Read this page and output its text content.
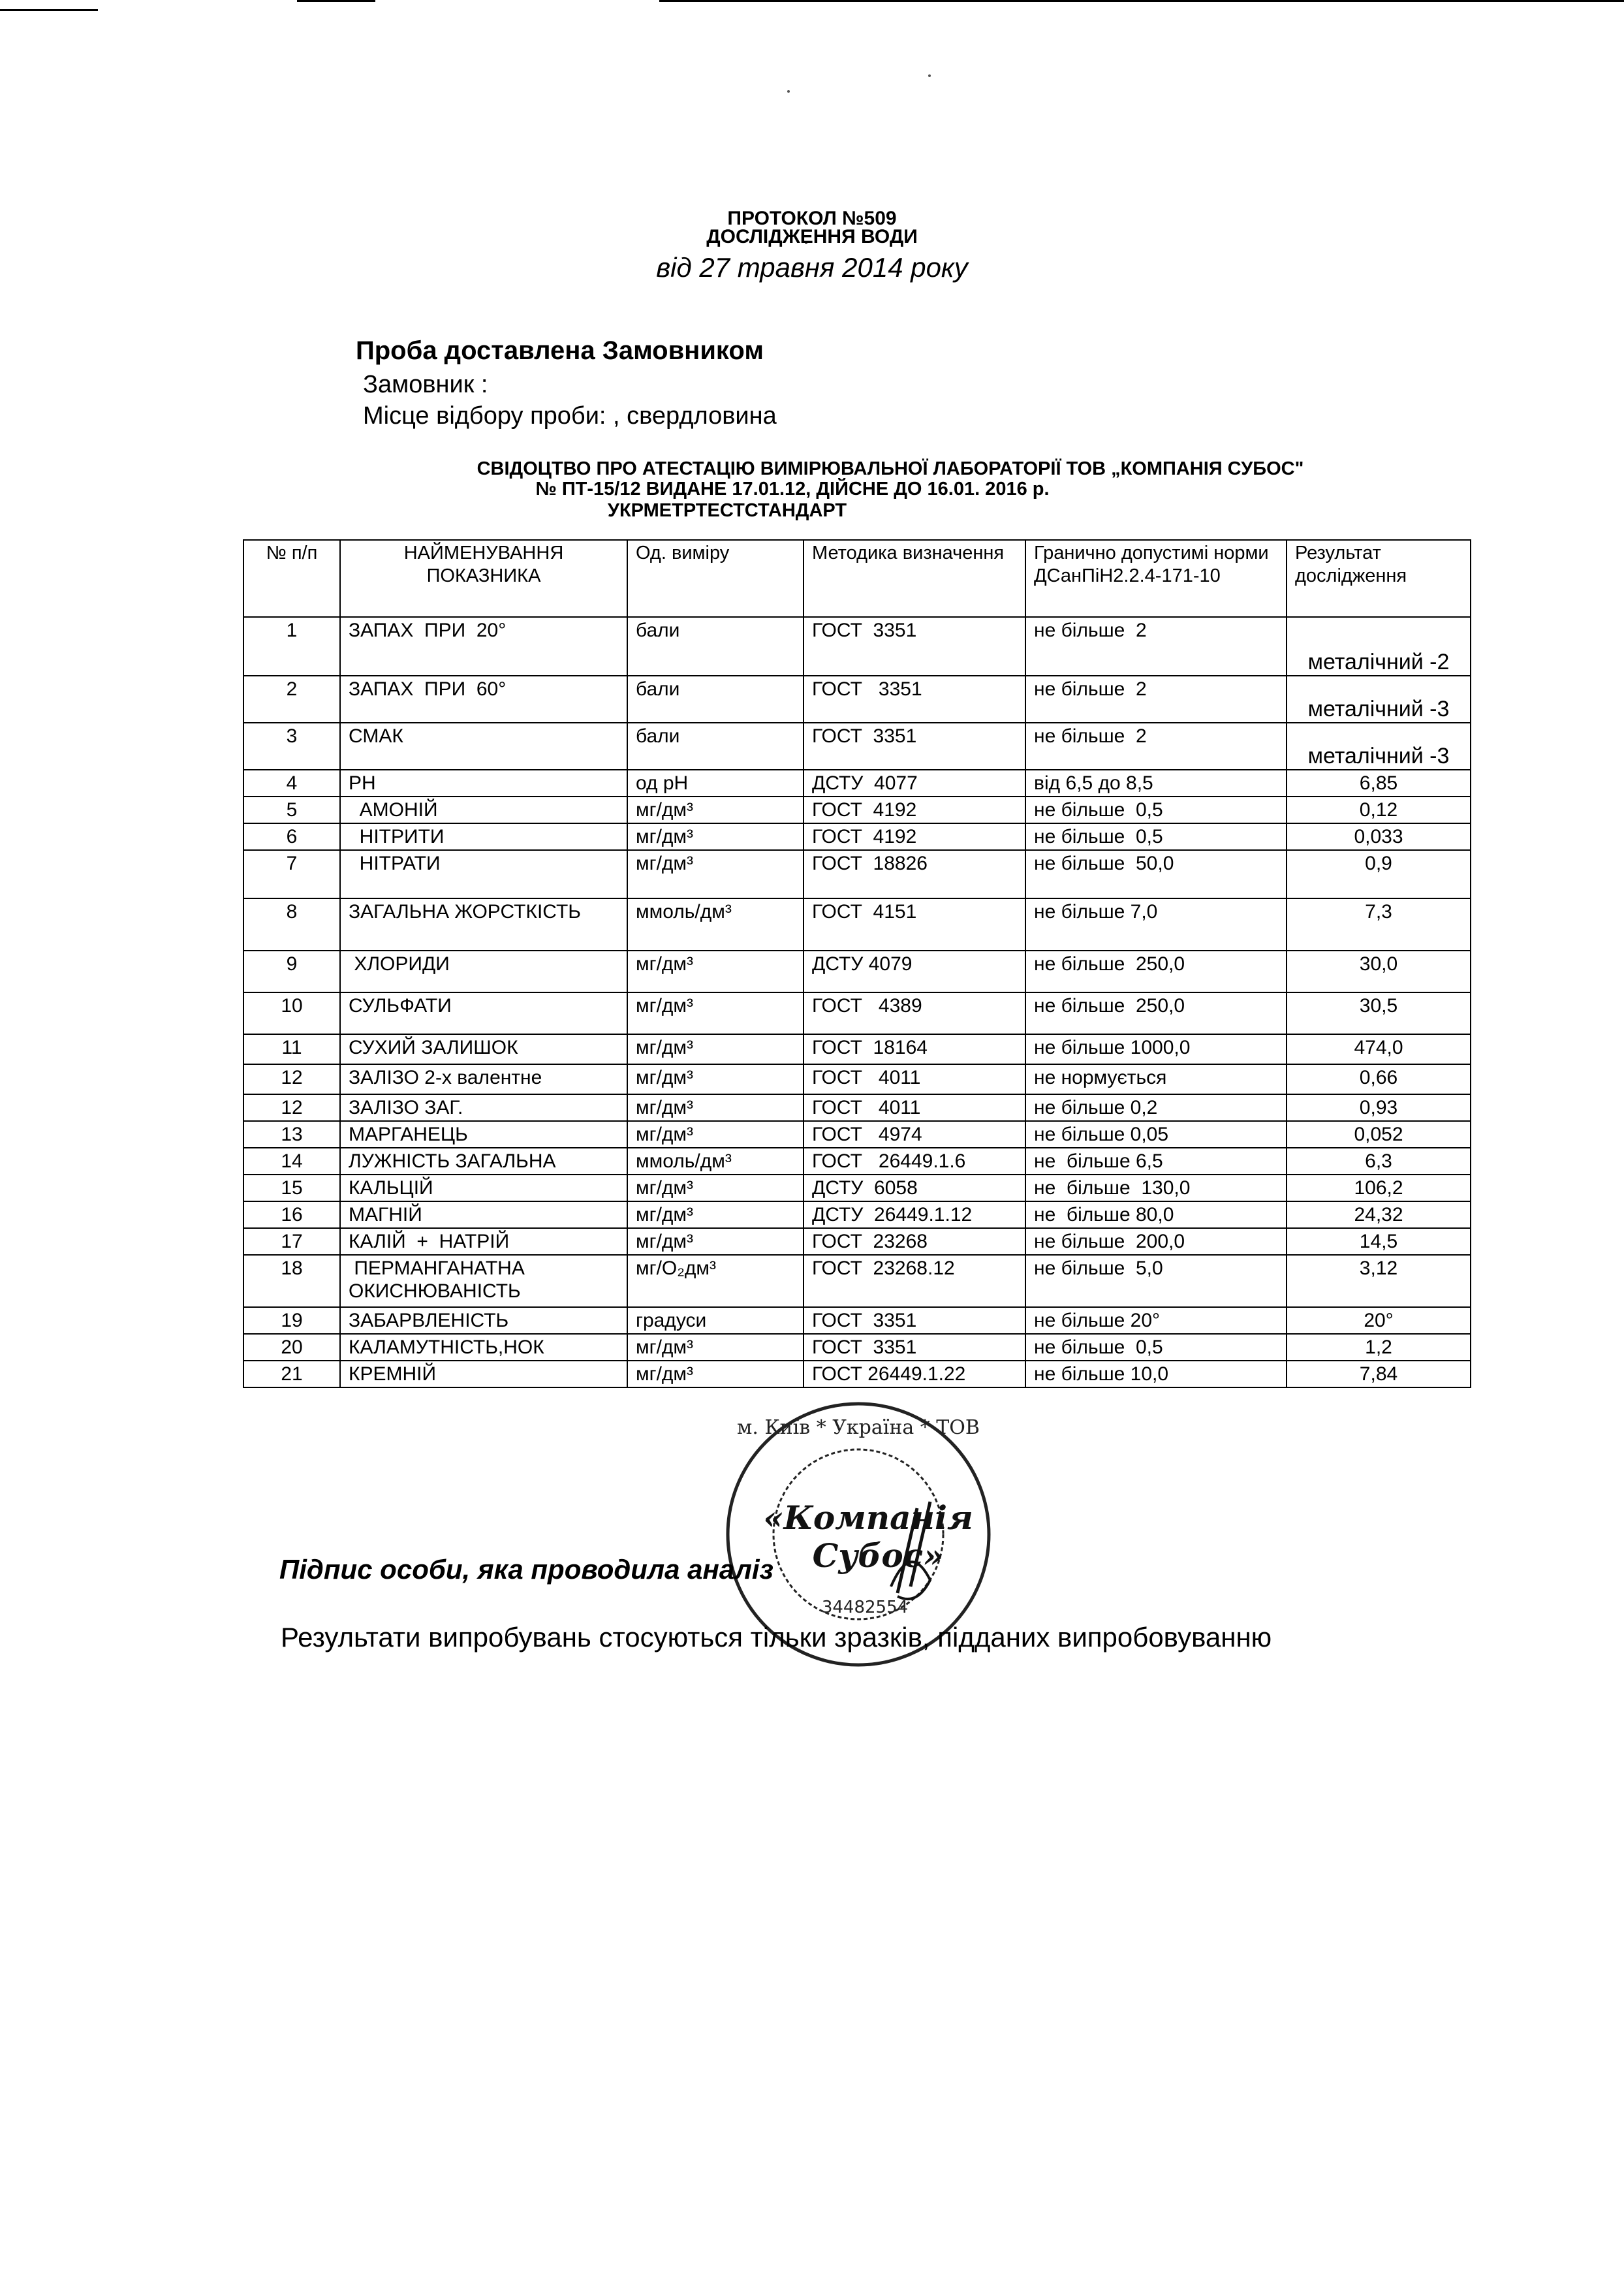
ПРОТОКОЛ №509
ДОСЛІДЖЕННЯ ВОДИ
від 27 травня 2014 року
Проба доставлена Замовником
Замовник :
Місце відбору проби: , свердловина
СВІДОЦТВО ПРО АТЕСТАЦІЮ ВИМІРЮВАЛЬНОЇ ЛАБОРАТОРІЇ ТОВ „КОМПАНІЯ СУБОС"
№ ПТ-15/12 ВИДАНЕ 17.01.12, ДІЙСНЕ ДО 16.01. 2016 р.
УКРМЕТРТЕСТСТАНДАРТ
№ п/п	НАЙМЕНУВАННЯ ПОКАЗНИКА	Од. виміру	Методика визначення	Гранично допустимі норми ДСанПіН2.2.4-171-10	Результат дослідження
1	ЗАПАХ  ПРИ  20°	бали	ГОСТ  3351	не більше  2	металічний -2
2	ЗАПАХ  ПРИ  60°	бали	ГОСТ   3351	не більше  2	металічний -3
3	СМАК	бали	ГОСТ  3351	не більше  2	металічний -3
4	PH	од pH	ДСТУ  4077	від 6,5 до 8,5	6,85
5	АМОНІЙ	мг/дм³	ГОСТ  4192	не більше  0,5	0,12
6	НІТРИТИ	мг/дм³	ГОСТ  4192	не більше  0,5	0,033
7	НІТРАТИ	мг/дм³	ГОСТ  18826	не більше  50,0	0,9
8	ЗАГАЛЬНА ЖОРСТКІСТЬ	ммоль/дм³	ГОСТ  4151	не більше 7,0	7,3
9	ХЛОРИДИ	мг/дм³	ДСТУ 4079	не більше  250,0	30,0
10	СУЛЬФАТИ	мг/дм³	ГОСТ   4389	не більше  250,0	30,5
11	СУХИЙ ЗАЛИШОК	мг/дм³	ГОСТ  18164	не більше 1000,0	474,0
12	ЗАЛІЗО 2-х валентне	мг/дм³	ГОСТ   4011	не нормується	0,66
12	ЗАЛІЗО ЗАГ.	мг/дм³	ГОСТ   4011	не більше 0,2	0,93
13	МАРГАНЕЦЬ	мг/дм³	ГОСТ   4974	не більше 0,05	0,052
14	ЛУЖНІСТЬ ЗАГАЛЬНА	ммоль/дм³	ГОСТ   26449.1.6	не  більше 6,5	6,3
15	КАЛЬЦІЙ	мг/дм³	ДСТУ  6058	не  більше  130,0	106,2
16	МАГНІЙ	мг/дм³	ДСТУ  26449.1.12	не  більше 80,0	24,32
17	КАЛІЙ  +  НАТРІЙ	мг/дм³	ГОСТ  23268	не більше  200,0	14,5
18	ПЕРМАНГАНАТНА ОКИСНЮВАНІСТЬ	мг/О₂дм³	ГОСТ  23268.12	не більше  5,0	3,12
19	ЗАБАРВЛЕНІСТЬ	градуси	ГОСТ  3351	не більше 20°	20°
20	КАЛАМУТНІСТЬ,НОК	мг/дм³	ГОСТ  3351	не більше  0,5	1,2
21	КРЕМНІЙ	мг/дм³	ГОСТ 26449.1.22	не більше 10,0	7,84
м. Київ * Україна * ТОВ
«Компанія
Субос»
34482554
Підпис особи, яка проводила аналіз
Результати випробувань стосуються тільки зразків, підданих випробовуванню
